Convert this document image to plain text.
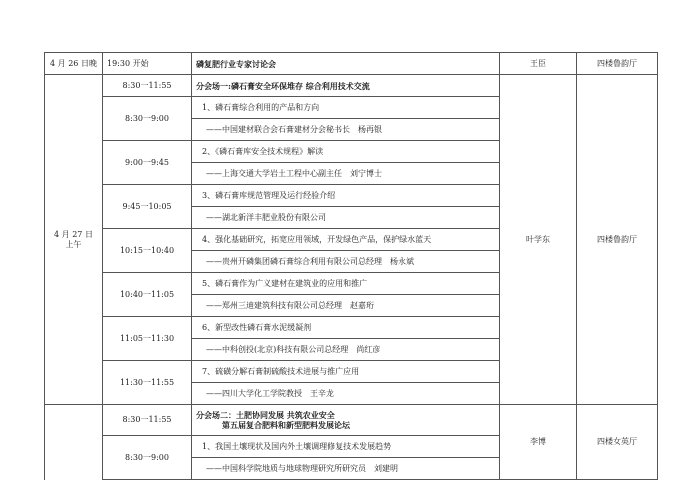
4 月 26 日晚	19:30 开始	磷复肥行业专家讨论会	王臣	四楼鲁韵厅

4 月 27 日
上午	8:30一11:55	分会场一:磷石膏安全环保堆存 综合利用技术交流	叶学东	四楼鲁韵厅
	8:30一9:00	1、磷石膏综合利用的产品和方向		
		——中国建材联合会石膏建材分会秘书长　杨再银		
	9:00一9:45	2、《磷石膏库安全技术规程》解读		
		——上海交通大学岩土工程中心副主任　刘宁博士		
	9:45一10:05	3、磷石膏库规范管理及运行经验介绍		
		——湖北新洋丰肥业股份有限公司		
	10:15一10:40	4、强化基础研究，拓宽应用领域，开发绿色产品，保护绿水蓝天		
		——贵州开磷集团磷石膏综合利用有限公司总经理　杨永斌		
	10:40一11:05	5、磷石膏作为广义建材在建筑业的应用和推广		
		——郑州三迪建筑科技有限公司总经理　赵嘉珩		
	11:05一11:30	6、新型改性磷石膏水泥缓凝剂		
		——中科创投(北京)科技有限公司总经理　尚红彦		
	11:30一11:55	7、硫磺分解石膏制硫酸技术进展与推广应用		
		——四川大学化工学院教授　王辛龙		
	8:30一11:55	分会场二：土肥协同发展 共筑农业安全
第五届复合肥料和新型肥料发展论坛	李博	四楼女英厅
	8:30一9:00	1、我国土壤现状及国内外土壤调理修复技术发展趋势		
		——中国科学院地质与地球物理研究所研究员　刘建明		
